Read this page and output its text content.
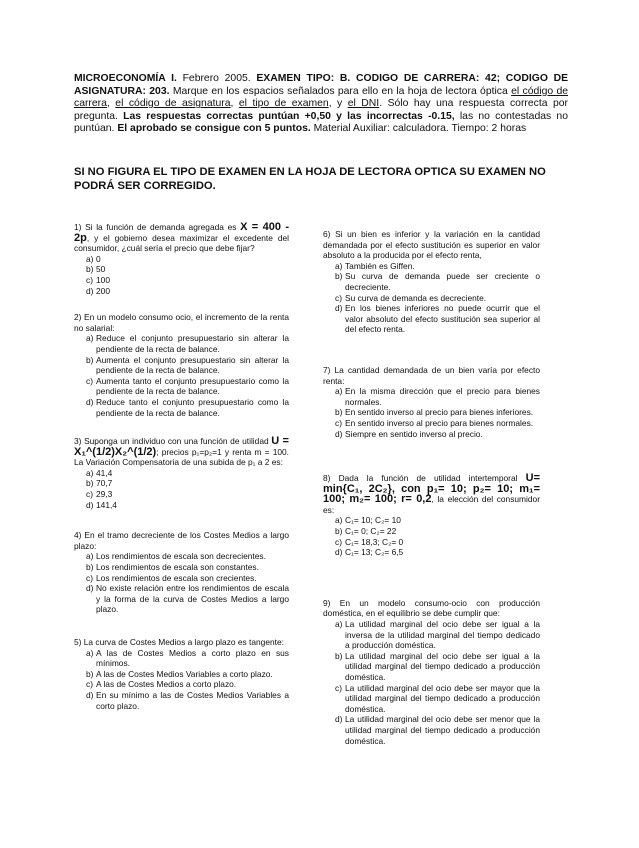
MICROECONOMÍA I. Febrero 2005. EXAMEN TIPO: B. CODIGO DE CARRERA: 42; CODIGO DE ASIGNATURA: 203. Marque en los espacios señalados para ello en la hoja de lectora óptica el código de carrera, el código de asignatura, el tipo de examen, y el DNI. Sólo hay una respuesta correcta por pregunta. Las respuestas correctas puntúan +0,50 y las incorrectas -0.15, las no contestadas no puntúan. El aprobado se consigue con 5 puntos. Material Auxiliar: calculadora. Tiempo: 2 horas
SI NO FIGURA EL TIPO DE EXAMEN EN LA HOJA DE LECTORA OPTICA SU EXAMEN NO PODRÁ SER CORREGIDO.
1) Si la función de demanda agregada es X = 400 - 2p, y el gobierno desea maximizar el excedente del consumidor, ¿cuál sería el precio que debe fijar?
a) 0
b) 50
c) 100
d) 200
2) En un modelo consumo ocio, el incremento de la renta no salarial:
a) Reduce el conjunto presupuestario sin alterar la pendiente de la recta de balance.
b) Aumenta el conjunto presupuestario sin alterar la pendiente de la recta de balance.
c) Aumenta tanto el conjunto presupuestario como la pendiente de la recta de balance.
d) Reduce tanto el conjunto presupuestario como la pendiente de la recta de balance.
3) Suponga un individuo con una función de utilidad U = X₁^(1/2)X₂^(1/2); precios p₁=p₂=1 y renta m = 100. La Variación Compensatoria de una subida de p₁ a 2 es:
a) 41,4
b) 70,7
c) 29,3
d) 141,4
4) En el tramo decreciente de los Costes Medios a largo plazo:
a) Los rendimientos de escala son decrecientes.
b) Los rendimientos de escala son constantes.
c) Los rendimientos de escala son crecientes.
d) No existe relación entre los rendimientos de escala y la forma de la curva de Costes Medios a largo plazo.
5) La curva de Costes Medios a largo plazo es tangente:
a) A las de Costes Medios a corto plazo en sus mínimos.
b) A las de Costes Medios Variables a corto plazo.
c) A las de Costes Medios a corto plazo.
d) En su mínimo a las de Costes Medios Variables a corto plazo.
6) Si un bien es inferior y la variación en la cantidad demandada por el efecto sustitución es superior en valor absoluto a la producida por el efecto renta,
a) También es Giffen.
b) Su curva de demanda puede ser creciente o decreciente.
c) Su curva de demanda es decreciente.
d) En los bienes inferiores no puede ocurrir que el valor absoluto del efecto sustitución sea superior al del efecto renta.
7) La cantidad demandada de un bien varía por efecto renta:
a) En la misma dirección que el precio para bienes normales.
b) En sentido inverso al precio para bienes inferiores.
c) En sentido inverso al precio para bienes normales.
d) Siempre en sentido inverso al precio.
8) Dada la función de utilidad intertemporal U= min{C₁, 2C₂}, con p₁= 10; p₂= 10; m₁= 100; m₂= 100; r= 0,2, la elección del consumidor es:
a) C₁= 10; C₂= 10
b) C₁= 0; C₂= 22
c) C₁= 18,3; C₂= 0
d) C₁= 13; C₂= 6,5
9) En un modelo consumo-ocio con producción doméstica, en el equilibrio se debe cumplir que:
a) La utilidad marginal del ocio debe ser igual a la inversa de la utilidad marginal del tiempo dedicado a producción doméstica.
b) La utilidad marginal del ocio debe ser igual a la utilidad marginal del tiempo dedicado a producción doméstica.
c) La utilidad marginal del ocio debe ser mayor que la utilidad marginal del tiempo dedicado a producción doméstica.
d) La utilidad marginal del ocio debe ser menor que la utilidad marginal del tiempo dedicado a producción doméstica.
